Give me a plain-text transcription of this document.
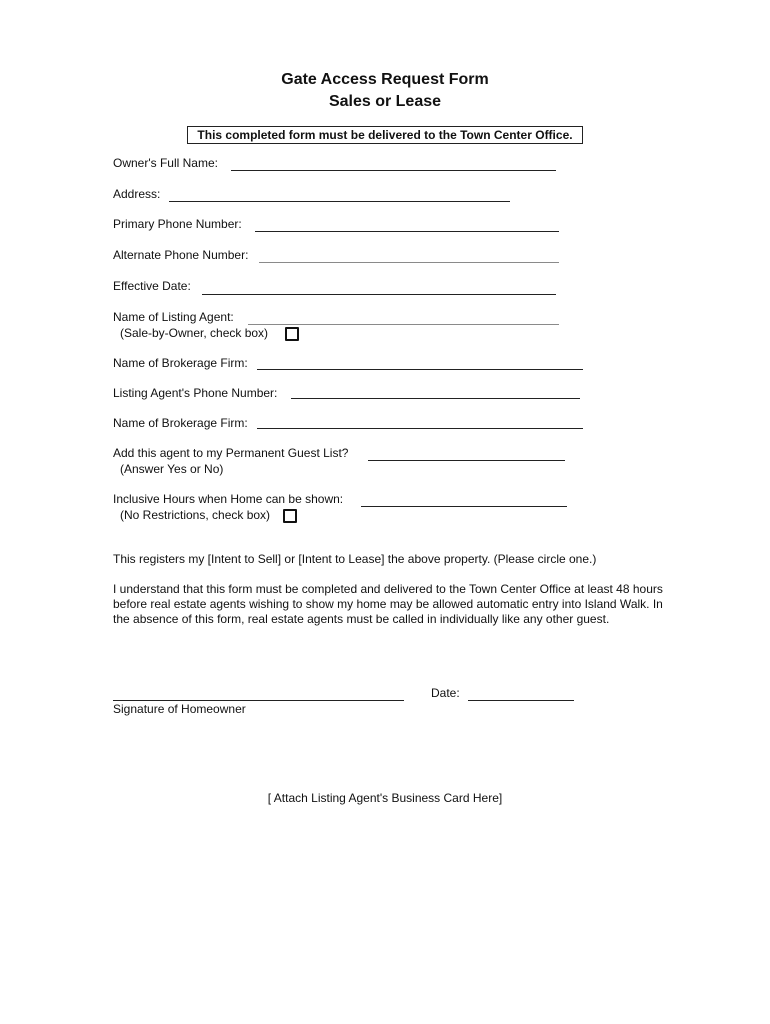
Gate Access Request Form
Sales or Lease
This completed form must be delivered to the Town Center Office.
Owner's Full Name:
Address:
Primary Phone Number:
Alternate Phone Number:
Effective Date:
Name of Listing Agent:
(Sale-by-Owner, check box)
Name of Brokerage Firm:
Listing Agent's Phone Number:
Name of Brokerage Firm:
Add this agent to my Permanent Guest List?
(Answer Yes or No)
Inclusive Hours when Home can be shown:
(No Restrictions, check box)
This registers my [Intent to Sell] or [Intent to Lease] the above property. (Please circle one.)
I understand that this form must be completed and delivered to the Town Center Office at least 48 hours before real estate agents wishing to show my home may be allowed automatic entry into Island Walk. In the absence of this form, real estate agents must be called in individually like any other guest.
Signature of Homeowner
Date:
[ Attach Listing Agent's Business Card Here]
